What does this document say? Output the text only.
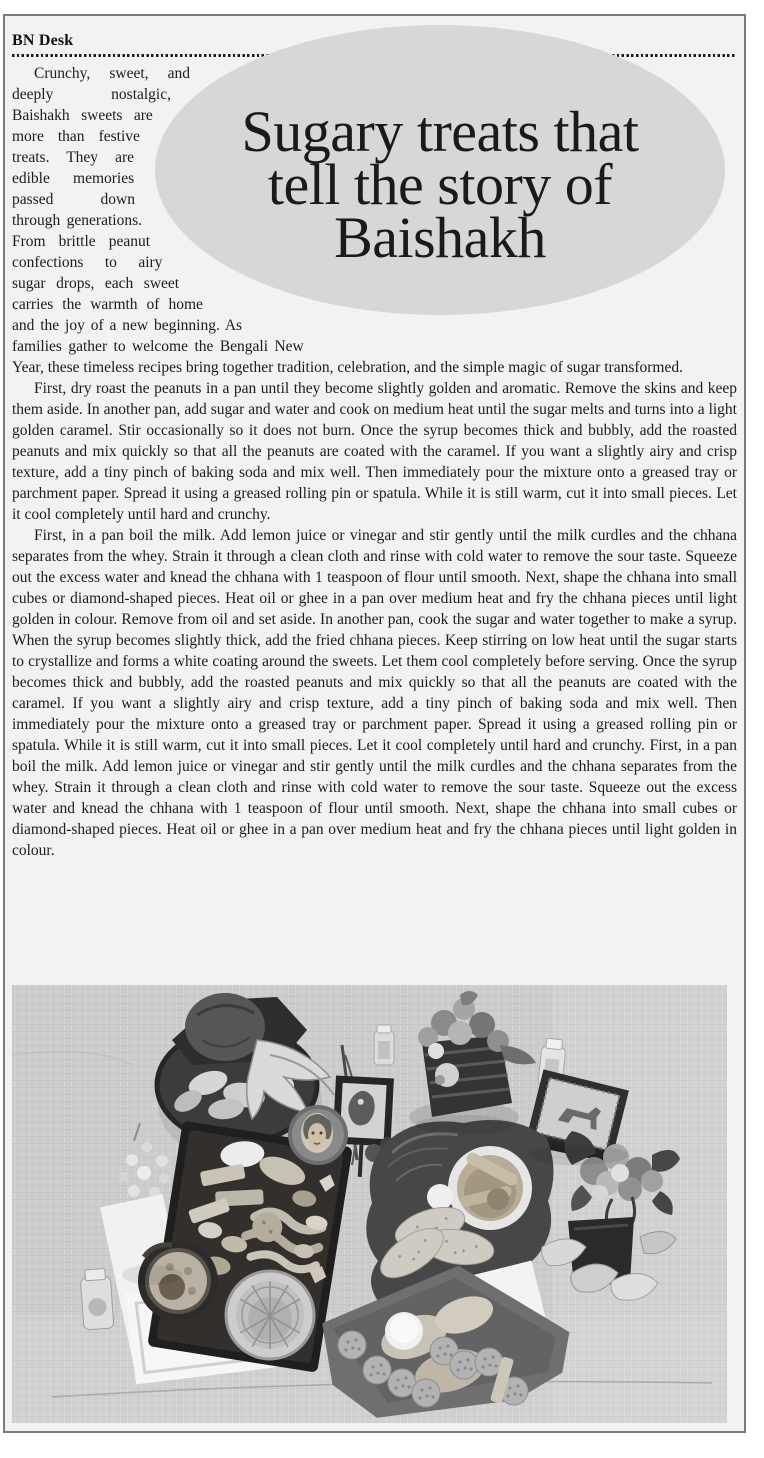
BN Desk

Crunchy, sweet, and deeply nostalgic, Baishakh sweets are more than festive treats. They are edible memories passed down through generations. From brittle peanut confections to airy sugar drops, each sweet carries the warmth of home and the joy of a new beginning. As families gather to welcome the Bengali New Year, these timeless recipes bring together tradition, celebration, and the simple magic of sugar transformed.

First, dry roast the peanuts in a pan until they become slightly golden and aromatic. Remove the skins and keep them aside. In another pan, add sugar and water and cook on medium heat until the sugar melts and turns into a light golden caramel. Stir occasionally so it does not burn. Once the syrup becomes thick and bubbly, add the roasted peanuts and mix quickly so that all the peanuts are coated with the caramel. If you want a slightly airy and crisp texture, add a tiny pinch of baking soda and mix well. Then immediately pour the mixture onto a greased tray or parchment paper. Spread it using a greased rolling pin or spatula. While it is still warm, cut it into small pieces. Let it cool completely until hard and crunchy.

First, in a pan boil the milk. Add lemon juice or vinegar and stir gently until the milk curdles and the chhana separates from the whey. Strain it through a clean cloth and rinse with cold water to remove the sour taste. Squeeze out the excess water and knead the chhana with 1 teaspoon of flour until smooth. Next, shape the chhana into small cubes or diamond-shaped pieces. Heat oil or ghee in a pan over medium heat and fry the chhana pieces until light golden in colour. Remove from oil and set aside. In another pan, cook the sugar and water together to make a syrup. When the syrup becomes slightly thick, add the fried chhana pieces. Keep stirring on low heat until the sugar starts to crystallize and forms a white coating around the sweets. Let them cool completely before serving. Once the syrup becomes thick and bubbly, add the roasted peanuts and mix quickly so that all the peanuts are coated with the caramel. If you want a slightly airy and crisp texture, add a tiny pinch of baking soda and mix well. Then immediately pour the mixture onto a greased tray or parchment paper. Spread it using a greased rolling pin or spatula. While it is still warm, cut it into small pieces. Let it cool completely until hard and crunchy. First, in a pan boil the milk. Add lemon juice or vinegar and stir gently until the milk curdles and the chhana separates from the whey. Strain it through a clean cloth and rinse with cold water to remove the sour taste. Squeeze out the excess water and knead the chhana with 1 teaspoon of flour until smooth. Next, shape the chhana into small cubes or diamond-shaped pieces. Heat oil or ghee in a pan over medium heat and fry the chhana pieces until light golden in colour.

Sugary treats that
tell the story of
Baishakh
